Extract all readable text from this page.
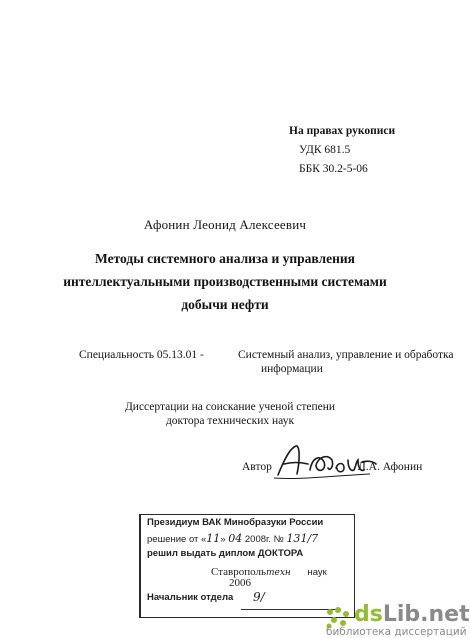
На правах рукописи
УДК 681.5
ББК 30.2-5-06
Афонин Леонид Алексеевич
Методы системного анализа и управления
интеллектуальными производственными системами
добычи нефти
Специальность 05.13.01 -	Системный анализ, управление и обработка
информации
Диссертации на соискание ученой степени
доктора технических наук
Автор	Л.А. Афонин
Президиум ВАК Минобразуки России
решение от «11» 04 2008г. № 131/7
решил выдать диплом ДОКТОРА
Ставропольтехн наук
2006
Начальник отдела 9/
dsLib.net
библиотека диссертаций
